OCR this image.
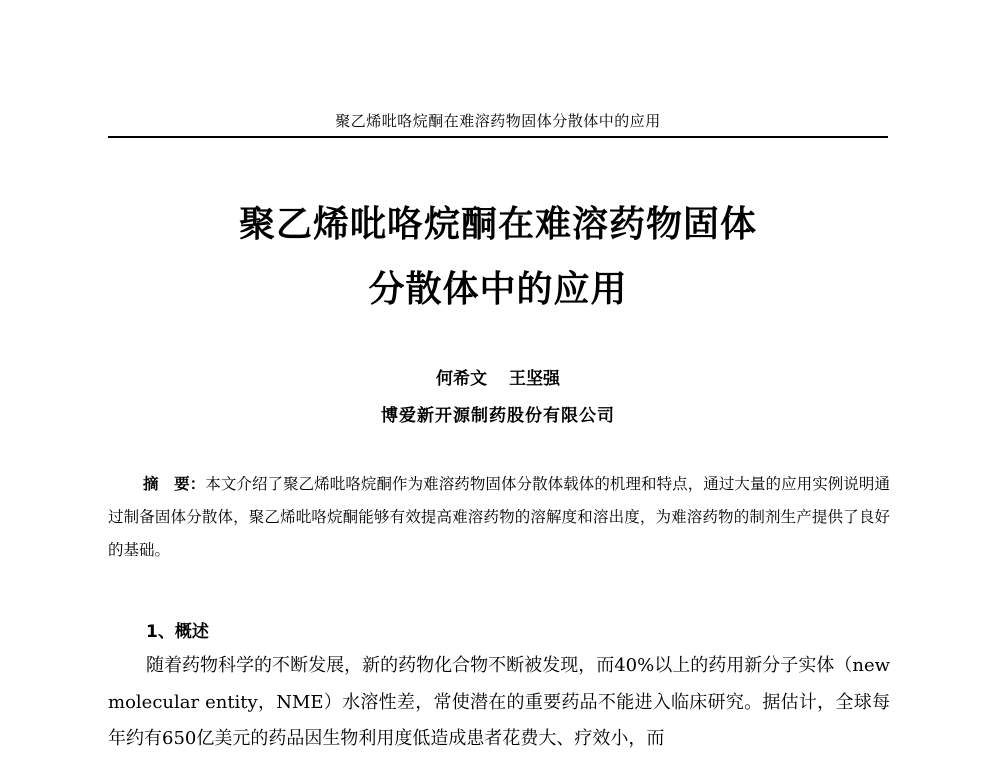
聚乙烯吡咯烷酮在难溶药物固体分散体中的应用
聚乙烯吡咯烷酮在难溶药物固体
分散体中的应用
何希文 王坚强
博爱新开源制药股份有限公司
摘　要：本文介绍了聚乙烯吡咯烷酮作为难溶药物固体分散体载体的机理和特点，通过大量的应用实例说明通过制备固体分散体，聚乙烯吡咯烷酮能够有效提高难溶药物的溶解度和溶出度，为难溶药物的制剂生产提供了良好的基础。
1、概述
随着药物科学的不断发展，新的药物化合物不断被发现，而40%以上的药用新分子实体（new molecular entity，NME）水溶性差，常使潜在的重要药品不能进入临床研究。据估计，全球每年约有650亿美元的药品因生物利用度低造成患者花费大、疗效小，而
